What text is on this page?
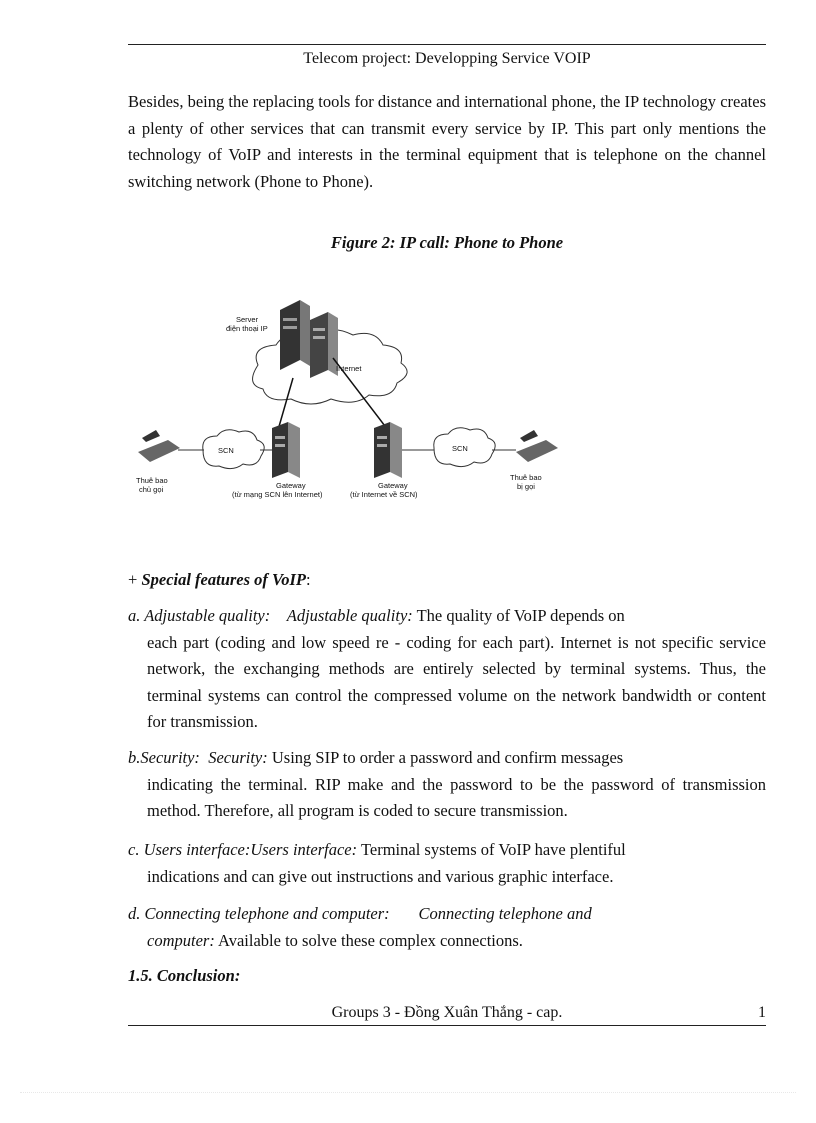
Telecom project: Developping Service VOIP
Besides, being the replacing tools for distance and international phone, the IP technology creates a plenty of other services that can transmit every service by IP. This part only mentions the technology of VoIP and interests in the terminal equipment that is telephone on the channel switching network (Phone to Phone).
Figure 2: IP call: Phone to Phone
Server
điện thoại IP
Internet
SCN	SCN
Thuê bao
chủ gọi
Thuê bao
bị gọi
Gateway
(từ mạng SCN lên Internet)
Gateway
(từ Internet về SCN)
+ Special features of VoIP:
a. Adjustable quality: Adjustable quality: The quality of VoIP depends on
each part (coding and low speed re - coding for each part). Internet is not specific service network, the exchanging methods are entirely selected by terminal systems. Thus, the terminal systems can control the compressed volume on the network bandwidth or content for transmission.
b.Security: Security: Using SIP to order a password and confirm messages
indicating the terminal. RIP make and the password to be the password of transmission method. Therefore, all program is coded to secure transmission.
c. Users interface:Users interface: Terminal systems of VoIP have plentiful
indications and can give out instructions and various graphic interface.
d. Connecting telephone and computer: Connecting telephone and
computer: Available to solve these complex connections.
1.5. Conclusion:
Groups 3 - Đồng Xuân Thắng - cap.	1
